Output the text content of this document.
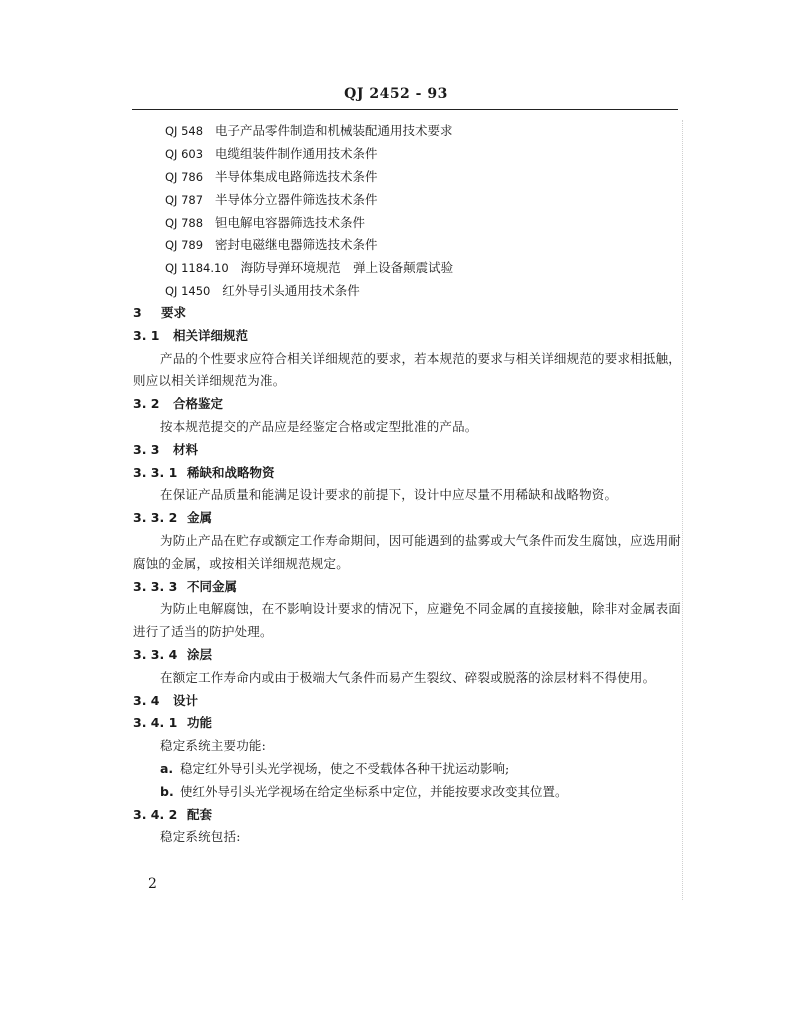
QJ 2452 - 93
QJ 548 电子产品零件制造和机械装配通用技术要求
QJ 603 电缆组装件制作通用技术条件
QJ 786 半导体集成电路筛选技术条件
QJ 787 半导体分立器件筛选技术条件
QJ 788 钽电解电容器筛选技术条件
QJ 789 密封电磁继电器筛选技术条件
QJ 1184.10 海防导弹环境规范　弹上设备颠震试验
QJ 1450 红外导引头通用技术条件
3 要求
3. 1 相关详细规范
产品的个性要求应符合相关详细规范的要求，若本规范的要求与相关详细规范的要求相抵触，则应以相关详细规范为准。
3. 2 合格鉴定
按本规范提交的产品应是经鉴定合格或定型批准的产品。
3. 3 材料
3. 3. 1 稀缺和战略物资
在保证产品质量和能满足设计要求的前提下，设计中应尽量不用稀缺和战略物资。
3. 3. 2 金属
为防止产品在贮存或额定工作寿命期间，因可能遇到的盐雾或大气条件而发生腐蚀，应选用耐腐蚀的金属，或按相关详细规范规定。
3. 3. 3 不同金属
为防止电解腐蚀，在不影响设计要求的情况下，应避免不同金属的直接接触，除非对金属表面进行了适当的防护处理。
3. 3. 4 涂层
在额定工作寿命内或由于极端大气条件而易产生裂纹、碎裂或脱落的涂层材料不得使用。
3. 4 设计
3. 4. 1 功能
稳定系统主要功能:
a. 稳定红外导引头光学视场，使之不受载体各种干扰运动影响;
b. 使红外导引头光学视场在给定坐标系中定位，并能按要求改变其位置。
3. 4. 2 配套
稳定系统包括:
2
